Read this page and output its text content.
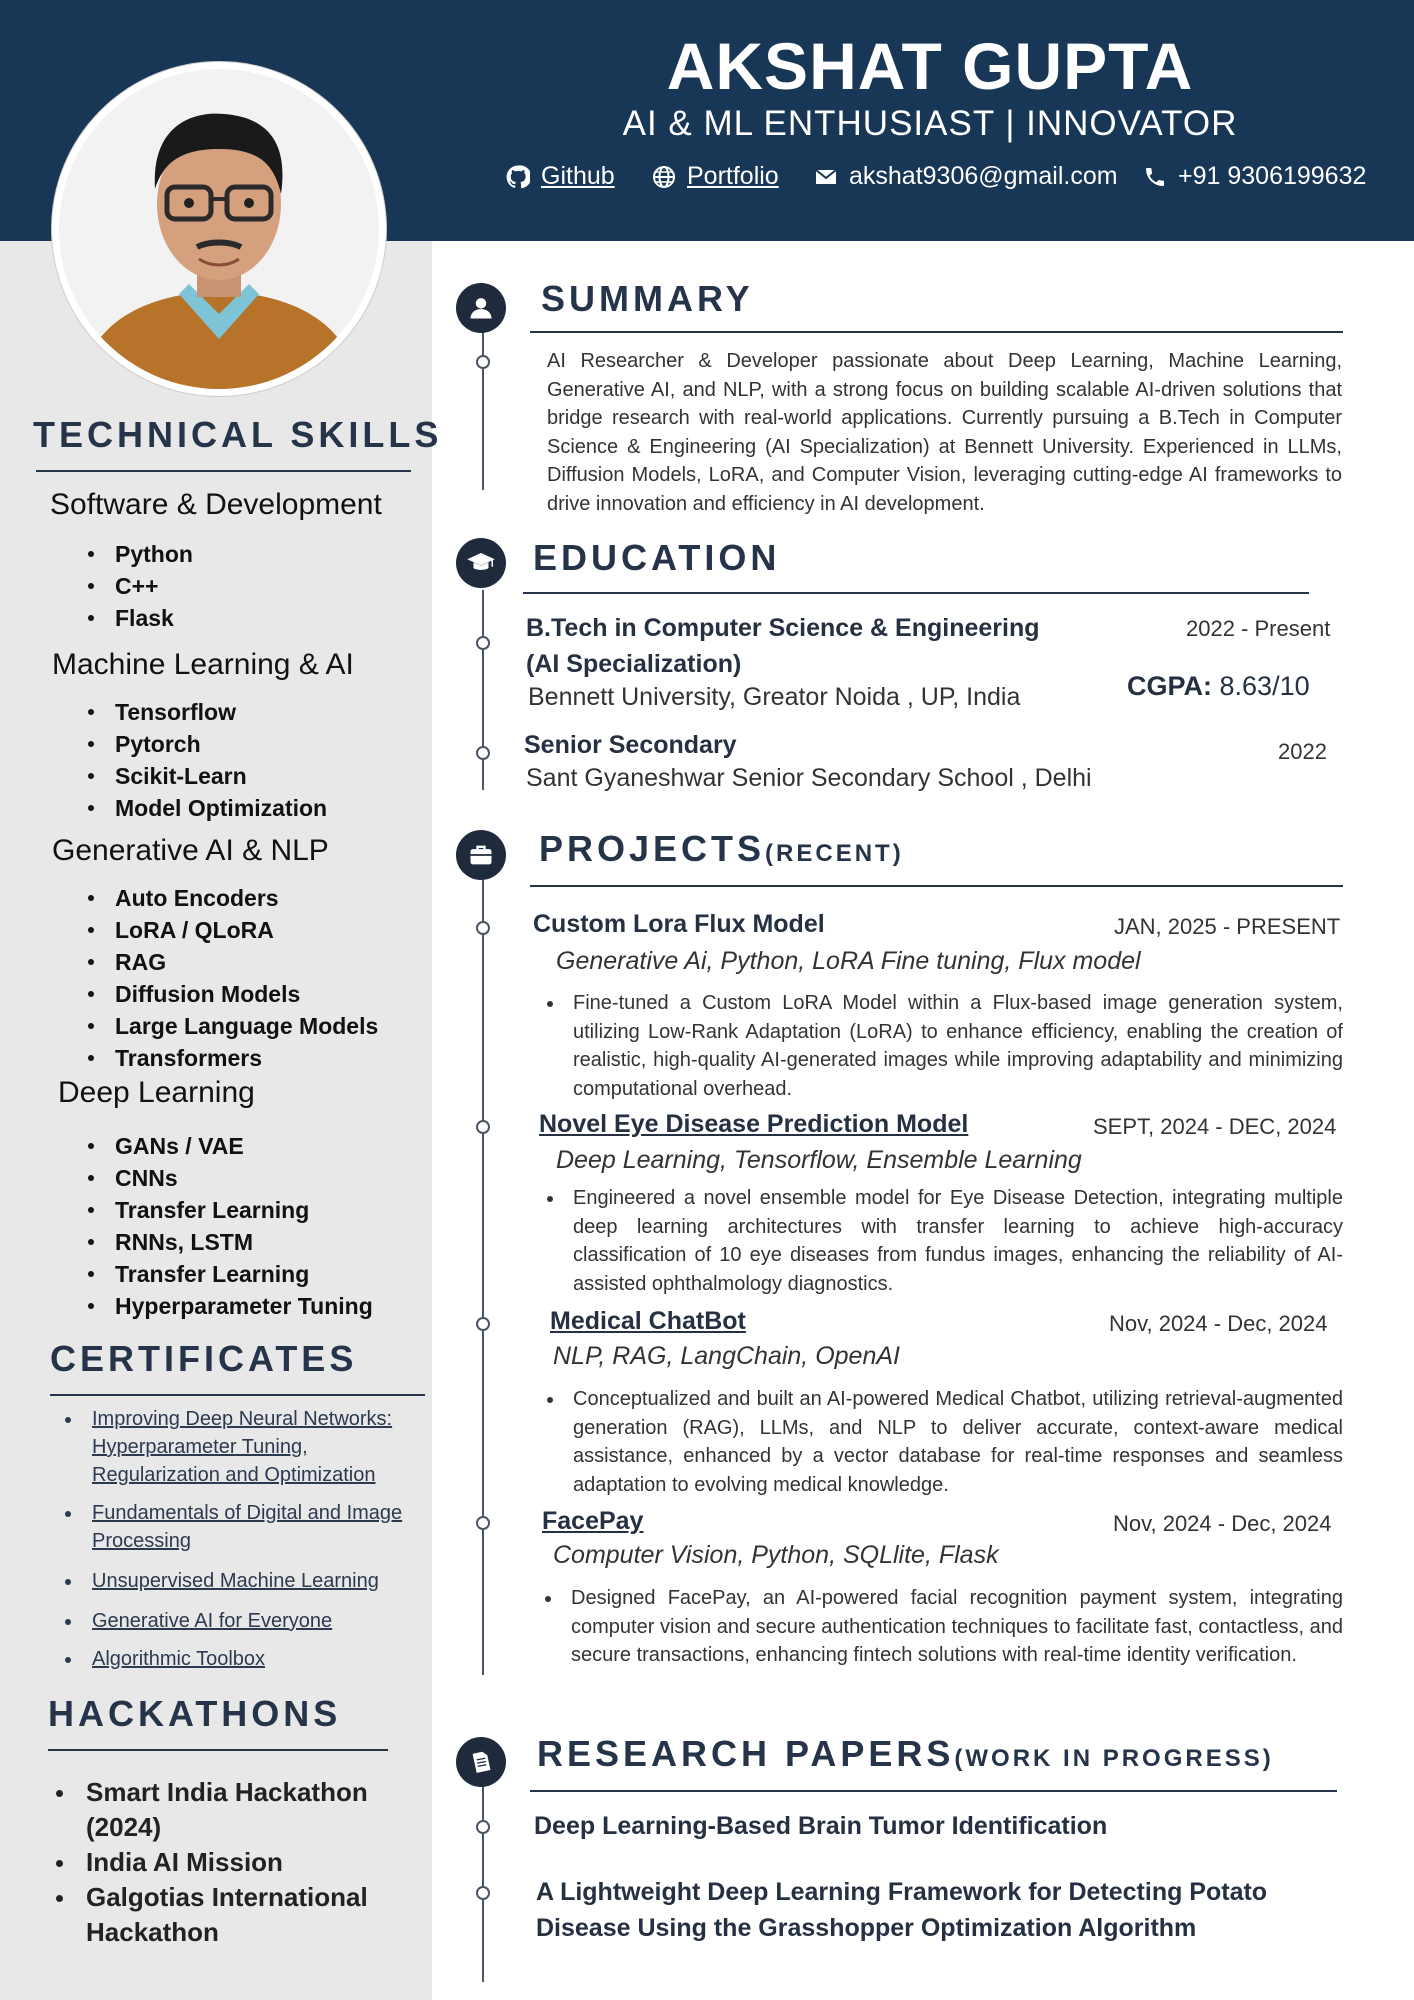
AKSHAT GUPTA
AI & ML ENTHUSIAST | INNOVATOR
Github	Portfolio	akshat9306@gmail.com +91 9306199632
TECHNICAL SKILLS
Software & Development
Python
C++
Flask
Machine Learning & AI
Tensorflow
Pytorch
Scikit-Learn
Model Optimization
Generative AI & NLP
Auto Encoders
LoRA / QLoRA
RAG
Diffusion Models
Large Language Models
Transformers
Deep Learning
GANs / VAE
CNNs
Transfer Learning
RNNs, LSTM
Transfer Learning
Hyperparameter Tuning
CERTIFICATES
Improving Deep Neural Networks: Hyperparameter Tuning, Regularization and Optimization
Fundamentals of Digital and Image Processing
Unsupervised Machine Learning
Generative AI for Everyone
Algorithmic Toolbox
HACKATHONS
Smart India Hackathon (2024)
India AI Mission
Galgotias International Hackathon
SUMMARY
AI Researcher & Developer passionate about Deep Learning, Machine Learning, Generative AI, and NLP, with a strong focus on building scalable AI-driven solutions that bridge research with real-world applications. Currently pursuing a B.Tech in Computer Science & Engineering (AI Specialization) at Bennett University. Experienced in LLMs, Diffusion Models, LoRA, and Computer Vision, leveraging cutting-edge AI frameworks to drive innovation and efficiency in AI development.
EDUCATION
B.Tech in Computer Science & Engineering
(AI Specialization)
Bennett University, Greator Noida , UP, India
2022 - Present
CGPA: 8.63/10
Senior Secondary
Sant Gyaneshwar Senior Secondary School , Delhi
2022
PROJECTS(RECENT)
Custom Lora Flux Model	JAN, 2025 - PRESENT
Generative Ai, Python, LoRA Fine tuning, Flux model
Fine-tuned a Custom LoRA Model within a Flux-based image generation system, utilizing Low-Rank Adaptation (LoRA) to enhance efficiency, enabling the creation of realistic, high-quality AI-generated images while improving adaptability and minimizing computational overhead.
Novel Eye Disease Prediction Model	SEPT, 2024 - DEC, 2024
Deep Learning, Tensorflow, Ensemble Learning
Engineered a novel ensemble model for Eye Disease Detection, integrating multiple deep learning architectures with transfer learning to achieve high-accuracy classification of 10 eye diseases from fundus images, enhancing the reliability of AI-assisted ophthalmology diagnostics.
Medical ChatBot	Nov, 2024 - Dec, 2024
NLP, RAG, LangChain, OpenAI
Conceptualized and built an AI-powered Medical Chatbot, utilizing retrieval-augmented generation (RAG), LLMs, and NLP to deliver accurate, context-aware medical assistance, enhanced by a vector database for real-time responses and seamless adaptation to evolving medical knowledge.
FacePay	Nov, 2024 - Dec, 2024
Computer Vision, Python, SQLlite, Flask
Designed FacePay, an AI-powered facial recognition payment system, integrating computer vision and secure authentication techniques to facilitate fast, contactless, and secure transactions, enhancing fintech solutions with real-time identity verification.
RESEARCH PAPERS(WORK IN PROGRESS)
Deep Learning-Based Brain Tumor Identification
A Lightweight Deep Learning Framework for Detecting Potato Disease Using the Grasshopper Optimization Algorithm
